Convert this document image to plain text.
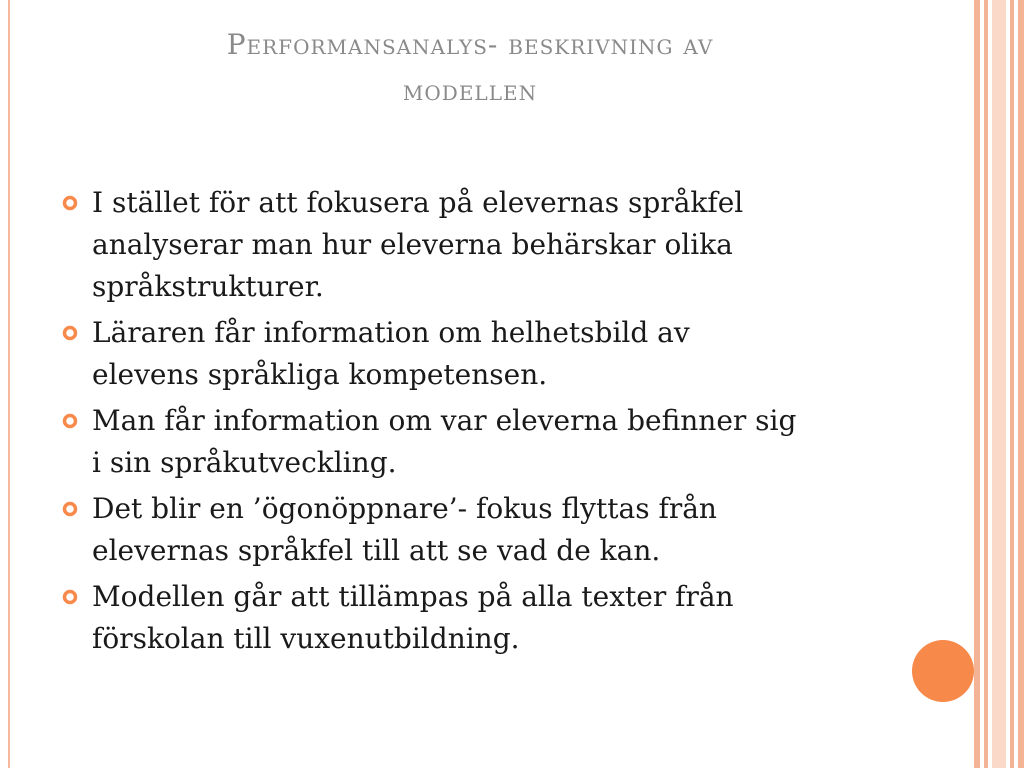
Performansanalys- beskrivning av
modellen
I stället för att fokusera på elevernas språkfel
analyserar man hur eleverna behärskar olika
språkstrukturer.
Läraren får information om helhetsbild av
elevens språkliga kompetensen.
Man får information om var eleverna befinner sig
i sin språkutveckling.
Det blir en ’ögonöppnare’- fokus flyttas från
elevernas språkfel till att se vad de kan.
Modellen går att tillämpas på alla texter från
förskolan till vuxenutbildning.
